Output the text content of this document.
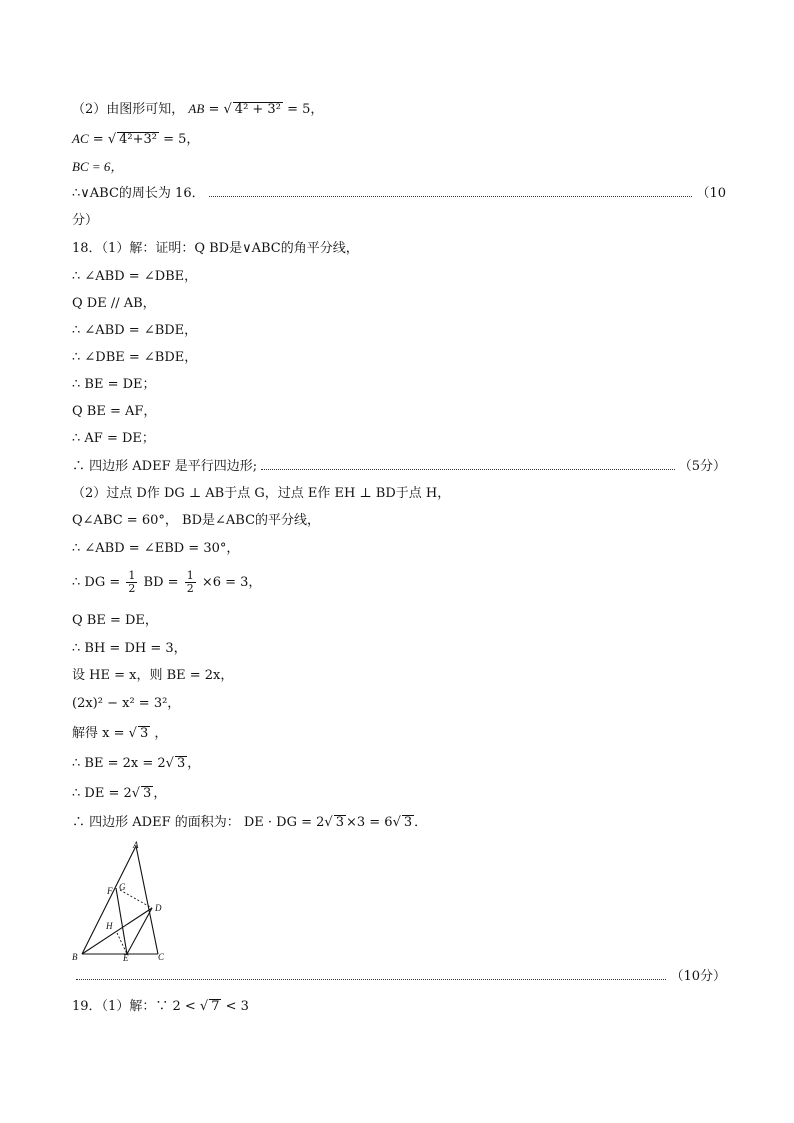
（2）由图形可知， AB = √ 4² + 3² = 5，
AC = √ 4²+3² = 5，
BC = 6，
∴∨ABC的周长为 16．	（10
分）
18．（1）解：证明：Q BD是∨ABC的角平分线，
∴ ∠ABD = ∠DBE，
Q DE // AB，
∴ ∠ABD = ∠BDE，
∴ ∠DBE = ∠BDE，
∴ BE = DE；
Q BE = AF，
∴ AF = DE；
∴ 四边形 ADEF 是平行四边形;	（5分）
（2）过点 D作 DG ⊥ AB于点 G，过点 E作 EH ⊥ BD于点 H，
Q∠ABC = 60°， BD是∠ABC的平分线，
∴ ∠ABD = ∠EBD = 30°，
∴ DG = $\frac{1}{2}$ BD = $\frac{1}{2} \times 6 = 3$，
Q BE = DE，
∴ BH = DH = 3，
设 HE = x，则 BE = 2x，
(2x)² − x² = 3²，
解得 x = √ 3 ，
∴ BE = 2x = 2√ 3 ，
∴ DE = 2√ 3 ，
∴ 四边形 ADEF 的面积为： DE · DG = 2√ 3 ×3 = 6√ 3 ．
A
B	C
D
E
F G
H
（10分）
19．（1）解：∵ 2 < √ 7 < 3
